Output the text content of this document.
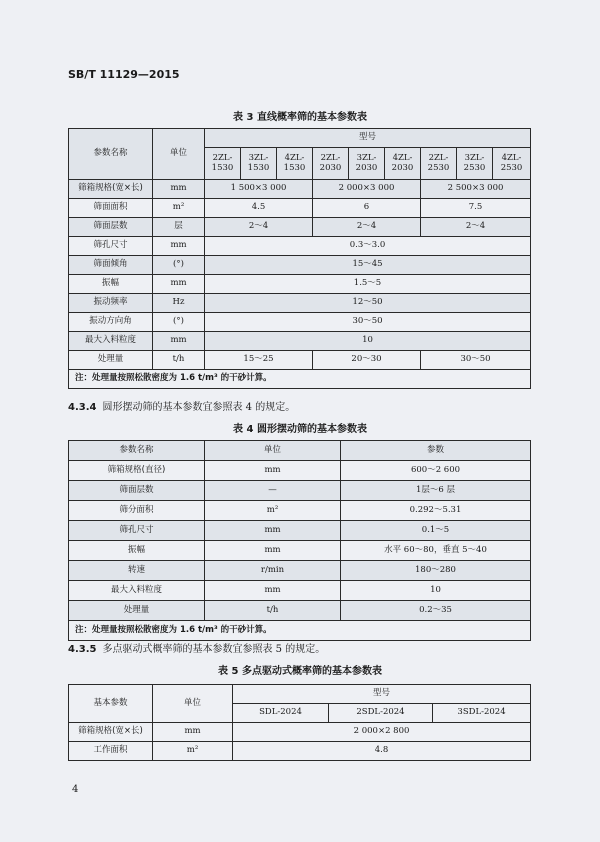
SB/T 11129—2015
表 3 直线概率筛的基本参数表
参数名称	单位	型号								
		2ZL-1530	3ZL-1530	4ZL-1530	2ZL-2030	3ZL-2030	4ZL-2030	2ZL-2530	3ZL-2530	4ZL-2530
筛箱规格(宽×长)	mm	1 500×3 000			2 000×3 000			2 500×3 000		
筛面面积	m²	4.5			6			7.5		
筛面层数	层	2～4			2～4			2～4		
筛孔尺寸	mm	0.3～3.0								
筛面倾角	(°)	15～45								
振幅	mm	1.5～5								
振动频率	Hz	12～50								
振动方向角	(°)	30～50								
最大入料粒度	mm	10								
处理量	t/h	15～25			20～30			30～50		
注：处理量按照松散密度为 1.6 t/m³ 的干砂计算。										
4.3.4 圆形摆动筛的基本参数宜参照表 4 的规定。
表 4 圆形摆动筛的基本参数表
参数名称	单位	参数
筛箱规格(直径)	mm	600～2 600
筛面层数	—	1层～6 层
筛分面积	m²	0.292～5.31
筛孔尺寸	mm	0.1～5
振幅	mm	水平 60～80，垂直 5～40
转速	r/min	180～280
最大入料粒度	mm	10
处理量	t/h	0.2～35
注：处理量按照松散密度为 1.6 t/m³ 的干砂计算。		
4.3.5 多点驱动式概率筛的基本参数宜参照表 5 的规定。
表 5 多点驱动式概率筛的基本参数表
基本参数	单位	型号		
		SDL-2024	2SDL-2024	3SDL-2024
筛箱规格(宽×长)	mm	2 000×2 800		
工作面积	m²	4.8		
4
